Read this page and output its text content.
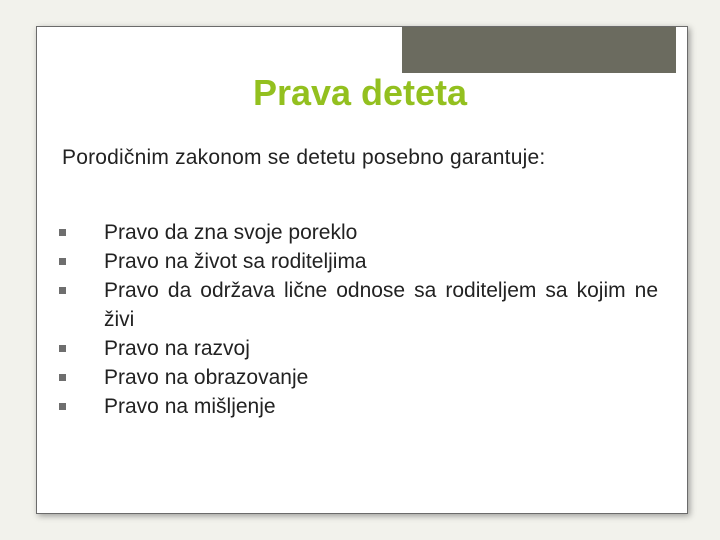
Prava deteta
Porodičnim zakonom se detetu posebno garantuje:
Pravo da zna svoje poreklo
Pravo na život sa roditeljima
Pravo da održava lične odnose sa roditeljem sa kojim ne živi
Pravo na razvoj
Pravo na obrazovanje
Pravo na mišljenje
